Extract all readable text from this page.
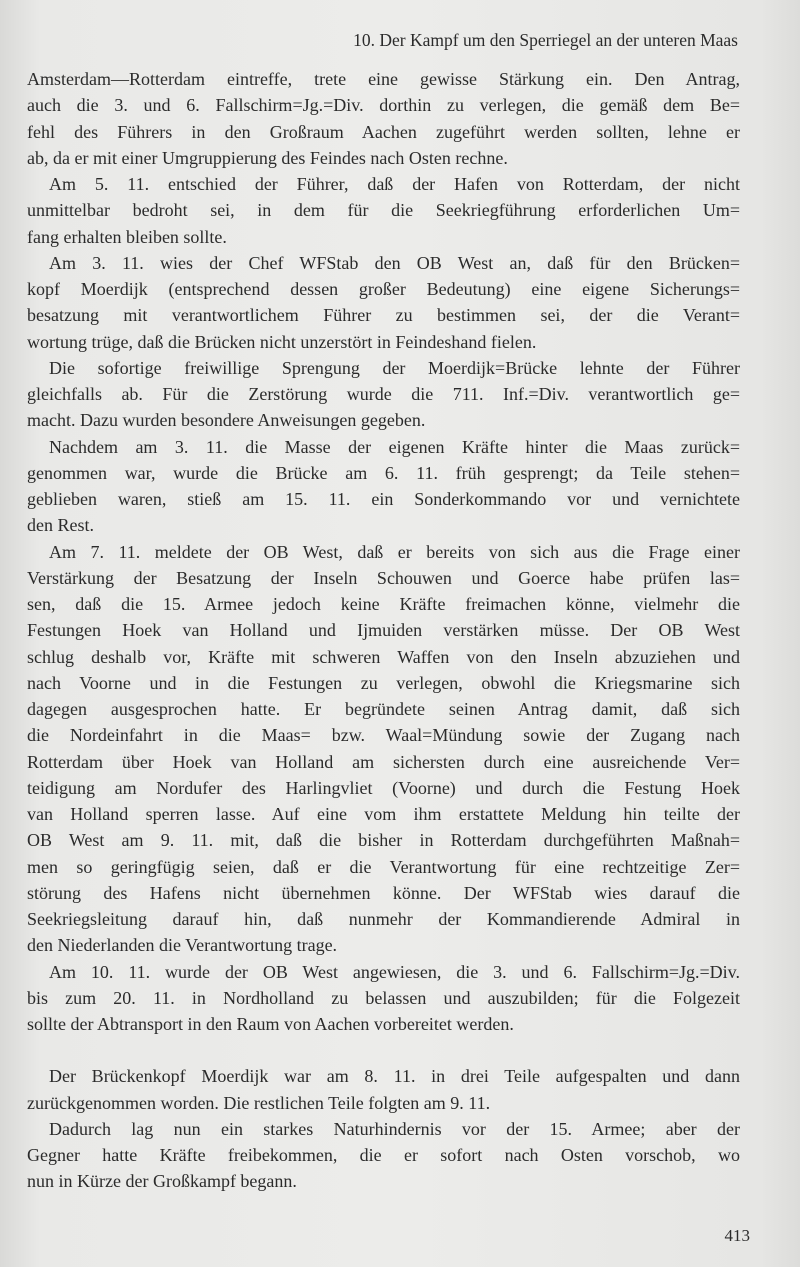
10. Der Kampf um den Sperriegel an der unteren Maas
Amsterdam—Rotterdam eintreffe, trete eine gewisse Stärkung ein. Den Antrag,
auch die 3. und 6. Fallschirm=Jg.=Div. dorthin zu verlegen, die gemäß dem Be=
fehl des Führers in den Großraum Aachen zugeführt werden sollten, lehne er
ab, da er mit einer Umgruppierung des Feindes nach Osten rechne.
Am 5. 11. entschied der Führer, daß der Hafen von Rotterdam, der nicht
unmittelbar bedroht sei, in dem für die Seekriegführung erforderlichen Um=
fang erhalten bleiben sollte.
Am 3. 11. wies der Chef WFStab den OB West an, daß für den Brücken=
kopf Moerdijk (entsprechend dessen großer Bedeutung) eine eigene Sicherungs=
besatzung mit verantwortlichem Führer zu bestimmen sei, der die Verant=
wortung trüge, daß die Brücken nicht unzerstört in Feindeshand fielen.
Die sofortige freiwillige Sprengung der Moerdijk=Brücke lehnte der Führer
gleichfalls ab. Für die Zerstörung wurde die 711. Inf.=Div. verantwortlich ge=
macht. Dazu wurden besondere Anweisungen gegeben.
Nachdem am 3. 11. die Masse der eigenen Kräfte hinter die Maas zurück=
genommen war, wurde die Brücke am 6. 11. früh gesprengt; da Teile stehen=
geblieben waren, stieß am 15. 11. ein Sonderkommando vor und vernichtete
den Rest.
Am 7. 11. meldete der OB West, daß er bereits von sich aus die Frage einer
Verstärkung der Besatzung der Inseln Schouwen und Goerce habe prüfen las=
sen, daß die 15. Armee jedoch keine Kräfte freimachen könne, vielmehr die
Festungen Hoek van Holland und Ijmuiden verstärken müsse. Der OB West
schlug deshalb vor, Kräfte mit schweren Waffen von den Inseln abzuziehen und
nach Voorne und in die Festungen zu verlegen, obwohl die Kriegsmarine sich
dagegen ausgesprochen hatte. Er begründete seinen Antrag damit, daß sich
die Nordeinfahrt in die Maas= bzw. Waal=Mündung sowie der Zugang nach
Rotterdam über Hoek van Holland am sichersten durch eine ausreichende Ver=
teidigung am Nordufer des Harlingvliet (Voorne) und durch die Festung Hoek
van Holland sperren lasse. Auf eine vom ihm erstattete Meldung hin teilte der
OB West am 9. 11. mit, daß die bisher in Rotterdam durchgeführten Maßnah=
men so geringfügig seien, daß er die Verantwortung für eine rechtzeitige Zer=
störung des Hafens nicht übernehmen könne. Der WFStab wies darauf die
Seekriegsleitung darauf hin, daß nunmehr der Kommandierende Admiral in
den Niederlanden die Verantwortung trage.
Am 10. 11. wurde der OB West angewiesen, die 3. und 6. Fallschirm=Jg.=Div.
bis zum 20. 11. in Nordholland zu belassen und auszubilden; für die Folgezeit
sollte der Abtransport in den Raum von Aachen vorbereitet werden.
Der Brückenkopf Moerdijk war am 8. 11. in drei Teile aufgespalten und dann
zurückgenommen worden. Die restlichen Teile folgten am 9. 11.
Dadurch lag nun ein starkes Naturhindernis vor der 15. Armee; aber der
Gegner hatte Kräfte freibekommen, die er sofort nach Osten vorschob, wo
nun in Kürze der Großkampf begann.
413
